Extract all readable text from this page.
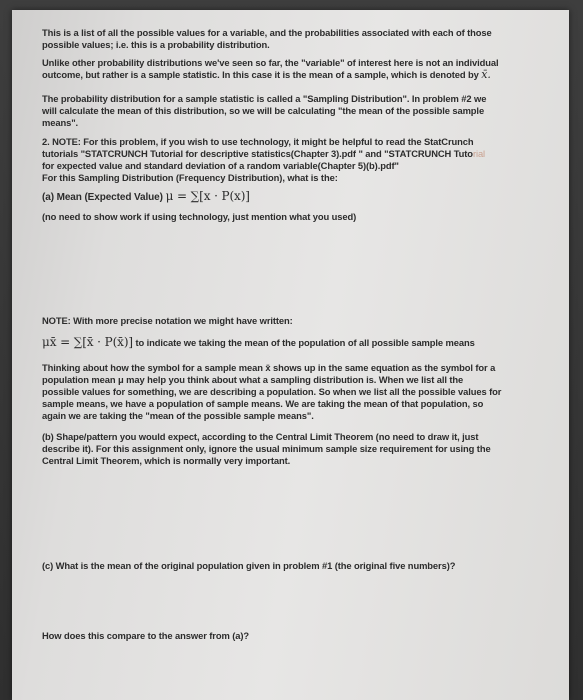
This is a list of all the possible values for a variable, and the probabilities associated with each of those

possible values; i.e. this is a probability distribution.

Unlike other probability distributions we've seen so far, the "variable" of interest here is not an individual

outcome, but rather is a sample statistic. In this case it is the mean of a sample, which is denoted by x̄.

The probability distribution for a sample statistic is called a "Sampling Distribution". In problem #2 we

will calculate the mean of this distribution, so we will be calculating "the mean of the possible sample

means".

2. NOTE: For this problem, if you wish to use technology, it might be helpful to read the StatCrunch

tutorials "STATCRUNCH Tutorial for descriptive statistics(Chapter 3).pdf " and "STATCRUNCH Tutorial

for expected value and standard deviation of a random variable(Chapter 5)(b).pdf"

For this Sampling Distribution (Frequency Distribution), what is the:

(a) Mean (Expected Value) μ = ∑[x · P(x)]

(no need to show work if using technology, just mention what you used)

NOTE: With more precise notation we might have written:

μx̄ = ∑[x̄ · P(x̄)] to indicate we taking the mean of the population of all possible sample means

Thinking about how the symbol for a sample mean x̄ shows up in the same equation as the symbol for a

population mean μ may help you think about what a sampling distribution is. When we list all the

possible values for something, we are describing a population. So when we list all the possible values for

sample means, we have a population of sample means. We are taking the mean of that population, so

again we are taking the "mean of the possible sample means".

(b) Shape/pattern you would expect, according to the Central Limit Theorem (no need to draw it, just

describe it). For this assignment only, ignore the usual minimum sample size requirement for using the

Central Limit Theorem, which is normally very important.

(c) What is the mean of the original population given in problem #1 (the original five numbers)?

How does this compare to the answer from (a)?
